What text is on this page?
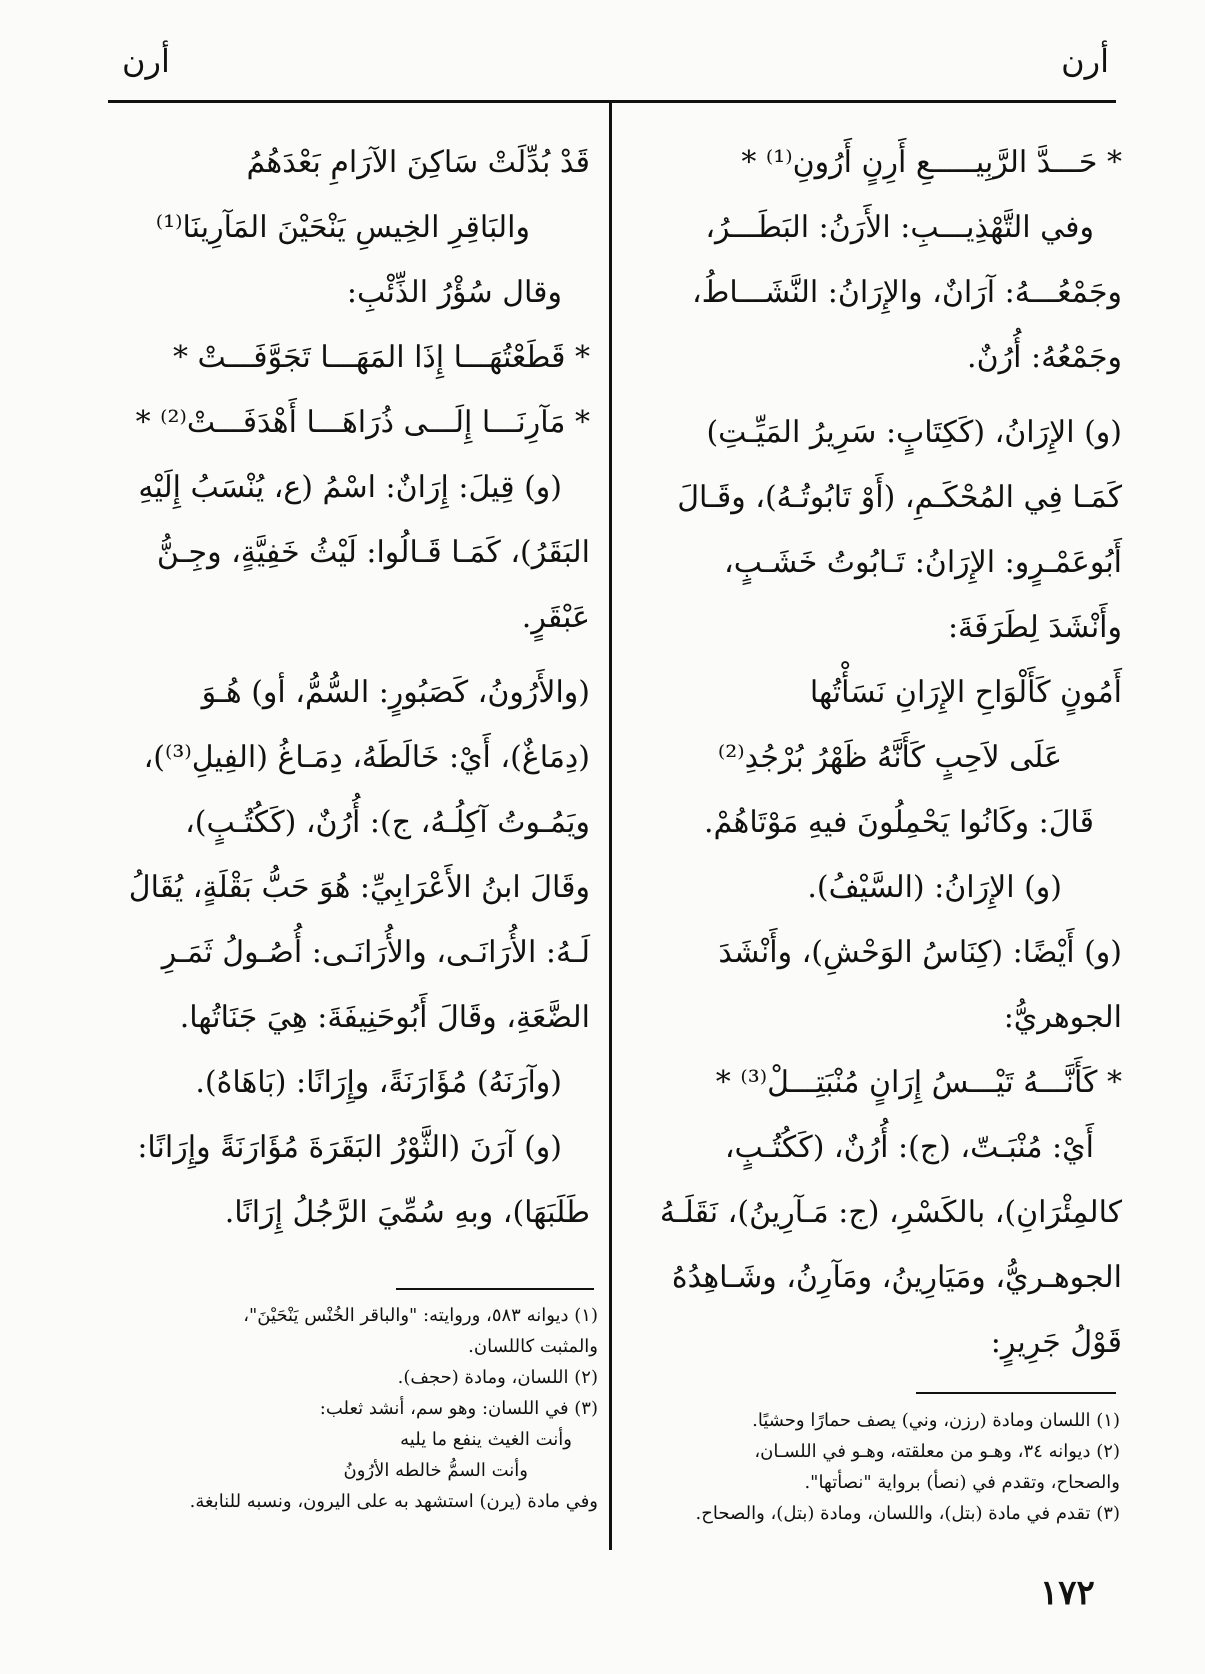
أرن	أرن

* حَـــدَّ الرَّبِيـــــعِ أَرِنٍ أَرُونِ⁽¹⁾ *

وفي التَّهْذِيـــبِ: الأَرَنُ: البَطَـــرُ،

وجَمْعُـــهُ: آرَانٌ، والإِرَانُ: النَّشَـــاطُ،

وجَمْعُهُ: أُرُنٌ.

(و) الإِرَانُ، (كَكِتَابٍ: سَرِيرُ المَيِّـتِ)

كَمَـا فِي المُحْكَـمِ، (أَوْ تَابُوتُـهُ)، وقَـالَ

أَبُوعَمْـرٍو: الإِرَانُ: تَـابُوتُ خَشَـبٍ،

وأَنْشَدَ لِطَرَفَةَ:

أَمُونٍ كَأَلْوَاحِ الإِرَانِ نَسَأْتُها

عَلَى لاَحِبٍ كَأَنَّهُ ظَهْرُ بُرْجُدِ⁽²⁾

قَالَ: وكَانُوا يَحْمِلُونَ فيهِ مَوْتَاهُمْ.

(و) الإِرَانُ: (السَّيْفُ).

(و) أَيْضًا: (كِنَاسُ الوَحْشِ)، وأَنْشَدَ

الجوهريُّ:

* كَأَنَّـــهُ تَيْـــسُ إِرَانٍ مُنْبَتِـــلْ⁽³⁾ *

أَيْ: مُنْبَـتّ، (ج): أُرُنٌ، (كَكُتُـبٍ،

كالمِئْرَانِ)، بالكَسْرِ، (ج: مَـآرِينُ)، نَقَلَـهُ

الجوهـريُّ، ومَيَارِينُ، ومَآرِنُ، وشَـاهِدُهُ

قَوْلُ جَرِيرٍ:

قَدْ بُدِّلَتْ سَاكِنَ الآرَامِ بَعْدَهُمُ

والبَاقِرِ الخِيسِ يَنْحَيْنَ المَآرِينَا⁽¹⁾

وقال سُؤْرُ الذِّئْبِ:

* قَطَعْتُهَـــا إِذَا المَهَـــا تَجَوَّفَـــتْ *

* مَآرِنَـــا إِلَـــى ذُرَاهَـــا أَهْدَفَـــتْ⁽²⁾ *

(و) قِيلَ: إِرَانٌ: اسْمُ (ع، يُنْسَبُ إِلَيْهِ

البَقَرُ)، كَمَـا قَـالُوا: لَيْثُ خَفِيَّةٍ، وجِـنُّ

عَبْقَرٍ.

(والأَرُونُ، كَصَبُورٍ: السُّمُّ، أو) هُـوَ

(دِمَاغٌ)، أَيْ: خَالَطَهُ، دِمَـاغُ (الفِيلِ⁽³⁾)،

ويَمُـوتُ آكِلُـهُ، ج): أُرُنٌ، (كَكُتُـبٍ)،

وقَالَ ابنُ الأَعْرَابِيِّ: هُوَ حَبُّ بَقْلَةٍ، يُقَالُ

لَـهُ: الأُرَانَـى، والأُرَانَـى: أُصُـولُ ثَمَـرِ

الضَّعَةِ، وقَالَ أَبُوحَنِيفَةَ: هِيَ جَنَاتُها.

(وآرَنَهُ) مُؤَارَنَةً، وإِرَانًا: (بَاهَاهُ).

(و) آرَنَ (الثَّوْرُ البَقَرَةَ مُؤَارَنَةً وإِرَانًا:

طَلَبَهَا)، وبهِ سُمِّيَ الرَّجُلُ إِرَانًا.

(١) اللسان ومادة (رزن، وني) يصف حمارًا وحشيًا.

(٢) ديوانه ٣٤، وهـو من معلقته، وهـو في اللسـان،

والصحاح، وتقدم في (نصأ) برواية "نصأتها".

(٣) تقدم في مادة (بتل)، واللسان، ومادة (بتل)، والصحاح.

(١) ديوانه ٥٨٣، وروايته: "والباقر الخُنْس يَنْحَيْنَ"،

والمثبت كاللسان.

(٢) اللسان، ومادة (حجف).

(٣) في اللسان: وهو سم، أنشد ثعلب:

وأنت الغيث ينفع ما يليه

وأنت السمُّ خالطه الأرُونُ

وفي مادة (يرن) استشهد به على اليرون، ونسبه للنابغة.

١٧٢
